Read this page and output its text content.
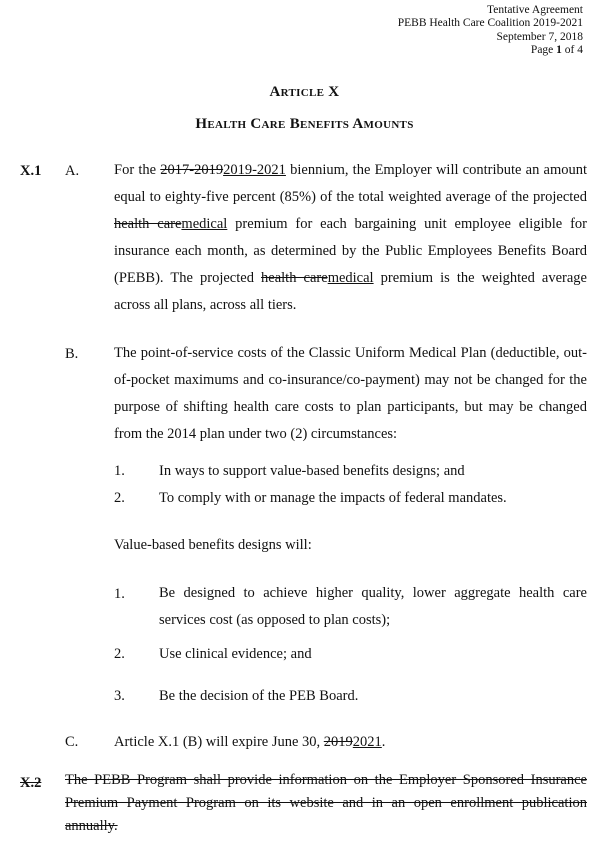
Tentative Agreement
PEBB Health Care Coalition 2019-2021
September 7, 2018
Page 1 of 4
Article X
Health Care Benefits Amounts
X.1 A. For the 2017-20192019-2021 biennium, the Employer will contribute an amount equal to eighty-five percent (85%) of the total weighted average of the projected health caremedical premium for each bargaining unit employee eligible for insurance each month, as determined by the Public Employees Benefits Board (PEBB). The projected health caremedical premium is the weighted average across all plans, across all tiers.
B. The point-of-service costs of the Classic Uniform Medical Plan (deductible, out-of-pocket maximums and co-insurance/co-payment) may not be changed for the purpose of shifting health care costs to plan participants, but may be changed from the 2014 plan under two (2) circumstances:
1. In ways to support value-based benefits designs; and
2. To comply with or manage the impacts of federal mandates.
Value-based benefits designs will:
1. Be designed to achieve higher quality, lower aggregate health care services cost (as opposed to plan costs);
2. Use clinical evidence; and
3. Be the decision of the PEB Board.
C. Article X.1 (B) will expire June 30, 20192021.
X.2 The PEBB Program shall provide information on the Employer Sponsored Insurance Premium Payment Program on its website and in an open enrollment publication annually.
